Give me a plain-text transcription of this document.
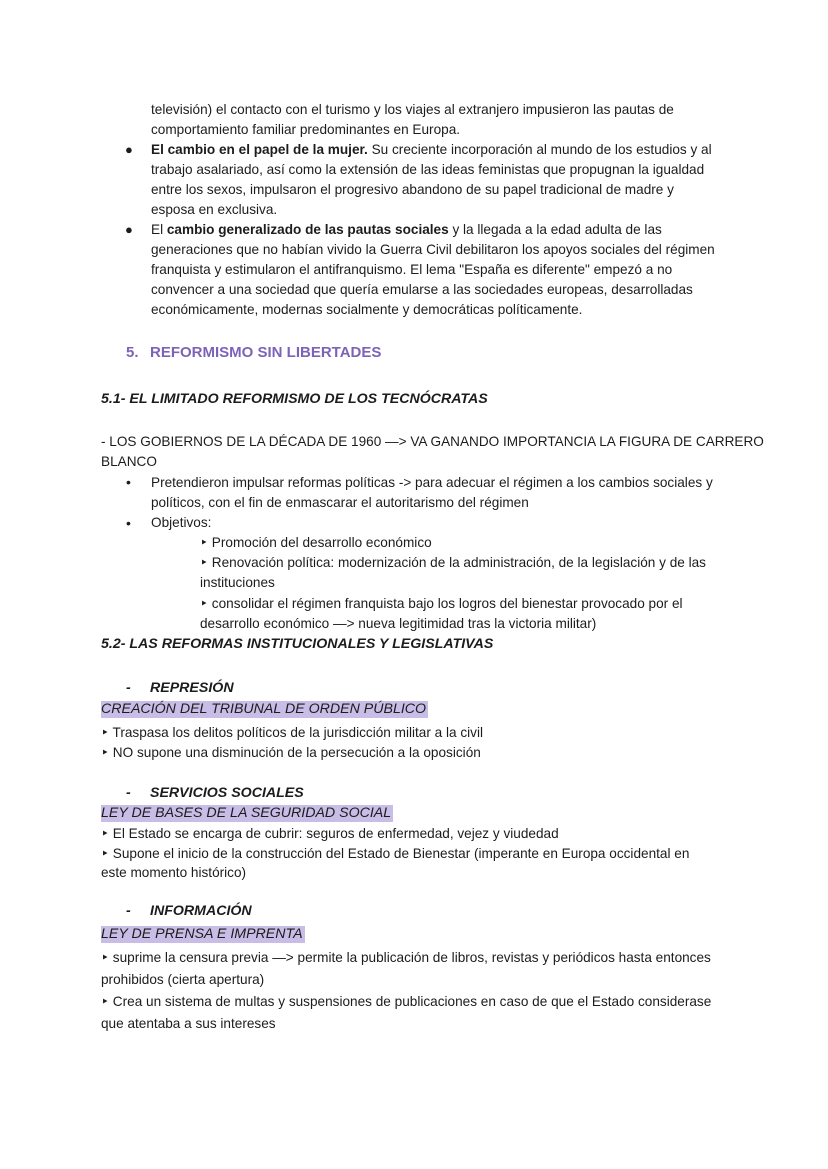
televisión) el contacto con el turismo y los viajes al extranjero impusieron las pautas de

comportamiento familiar predominantes en Europa.

● El cambio en el papel de la mujer. Su creciente incorporación al mundo de los estudios y al

trabajo asalariado, así como la extensión de las ideas feministas que propugnan la igualdad

entre los sexos, impulsaron el progresivo abandono de su papel tradicional de madre y

esposa en exclusiva.

● El cambio generalizado de las pautas sociales y la llegada a la edad adulta de las

generaciones que no habían vivido la Guerra Civil debilitaron los apoyos sociales del régimen

franquista y estimularon el antifranquismo. El lema "España es diferente" empezó a no

convencer a una sociedad que quería emularse a las sociedades europeas, desarrolladas

económicamente, modernas socialmente y democráticas políticamente.

5. REFORMISMO SIN LIBERTADES

5.1- EL LIMITADO REFORMISMO DE LOS TECNÓCRATAS

- LOS GOBIERNOS DE LA DÉCADA DE 1960 —> VA GANANDO IMPORTANCIA LA FIGURA DE CARRERO

BLANCO

• Pretendieron impulsar reformas políticas -> para adecuar el régimen a los cambios sociales y

políticos, con el fin de enmascarar el autoritarismo del régimen

• Objetivos:

‣ Promoción del desarrollo económico

‣ Renovación política: modernización de la administración, de la legislación y de las

instituciones

‣ consolidar el régimen franquista bajo los logros del bienestar provocado por el

desarrollo económico —> nueva legitimidad tras la victoria militar)

5.2- LAS REFORMAS INSTITUCIONALES Y LEGISLATIVAS

- REPRESIÓN

CREACIÓN DEL TRIBUNAL DE ORDEN PÚBLICO

‣ Traspasa los delitos políticos de la jurisdicción militar a la civil

‣ NO supone una disminución de la persecución a la oposición

- SERVICIOS SOCIALES

LEY DE BASES DE LA SEGURIDAD SOCIAL

‣ El Estado se encarga de cubrir: seguros de enfermedad, vejez y viudedad

‣ Supone el inicio de la construcción del Estado de Bienestar (imperante en Europa occidental en

este momento histórico)

- INFORMACIÓN

LEY DE PRENSA E IMPRENTA

‣ suprime la censura previa —> permite la publicación de libros, revistas y periódicos hasta entonces

prohibidos (cierta apertura)

‣ Crea un sistema de multas y suspensiones de publicaciones en caso de que el Estado considerase

que atentaba a sus intereses
